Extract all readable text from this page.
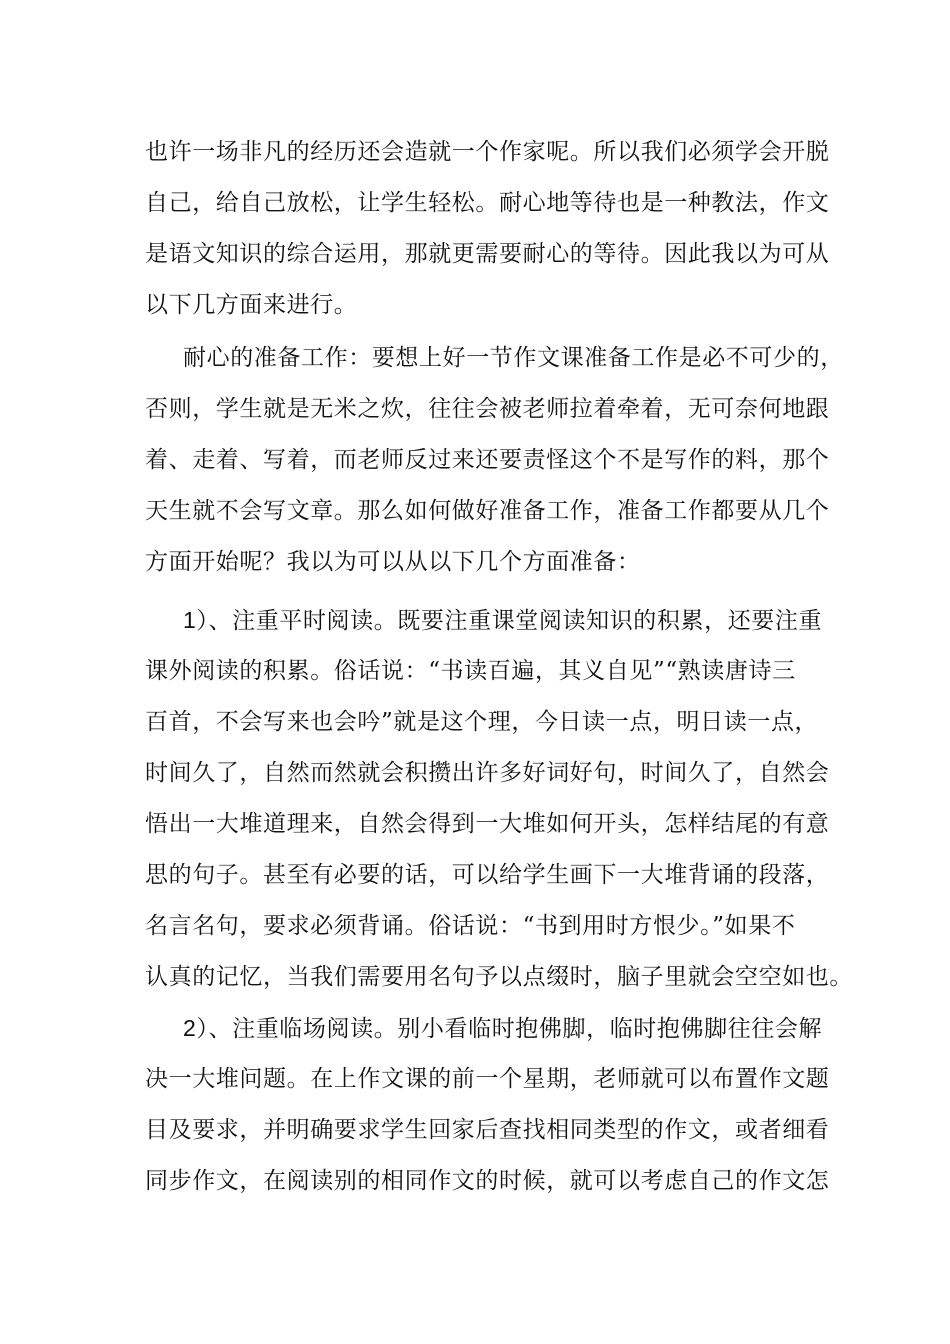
也许一场非凡的经历还会造就一个作家呢。所以我们必须学会开脱
自己，给自己放松，让学生轻松。耐心地等待也是一种教法，作文
是语文知识的综合运用，那就更需要耐心的等待。因此我以为可从
以下几方面来进行。
耐心的准备工作：要想上好一节作文课准备工作是必不可少的，
否则，学生就是无米之炊，往往会被老师拉着牵着，无可奈何地跟
着、走着、写着，而老师反过来还要责怪这个不是写作的料，那个
天生就不会写文章。那么如何做好准备工作，准备工作都要从几个
方面开始呢？我以为可以从以下几个方面准备：
1）、注重平时阅读。既要注重课堂阅读知识的积累，还要注重
课外阅读的积累。俗话说：“书读百遍，其义自见”“熟读唐诗三
百首，不会写来也会吟”就是这个理，今日读一点，明日读一点，
时间久了，自然而然就会积攒出许多好词好句，时间久了，自然会
悟出一大堆道理来，自然会得到一大堆如何开头，怎样结尾的有意
思的句子。甚至有必要的话，可以给学生画下一大堆背诵的段落，
名言名句，要求必须背诵。俗话说：“书到用时方恨少。”如果不
认真的记忆，当我们需要用名句予以点缀时，脑子里就会空空如也。
2）、注重临场阅读。别小看临时抱佛脚，临时抱佛脚往往会解
决一大堆问题。在上作文课的前一个星期，老师就可以布置作文题
目及要求，并明确要求学生回家后查找相同类型的作文，或者细看
同步作文，在阅读别的相同作文的时候，就可以考虑自己的作文怎
